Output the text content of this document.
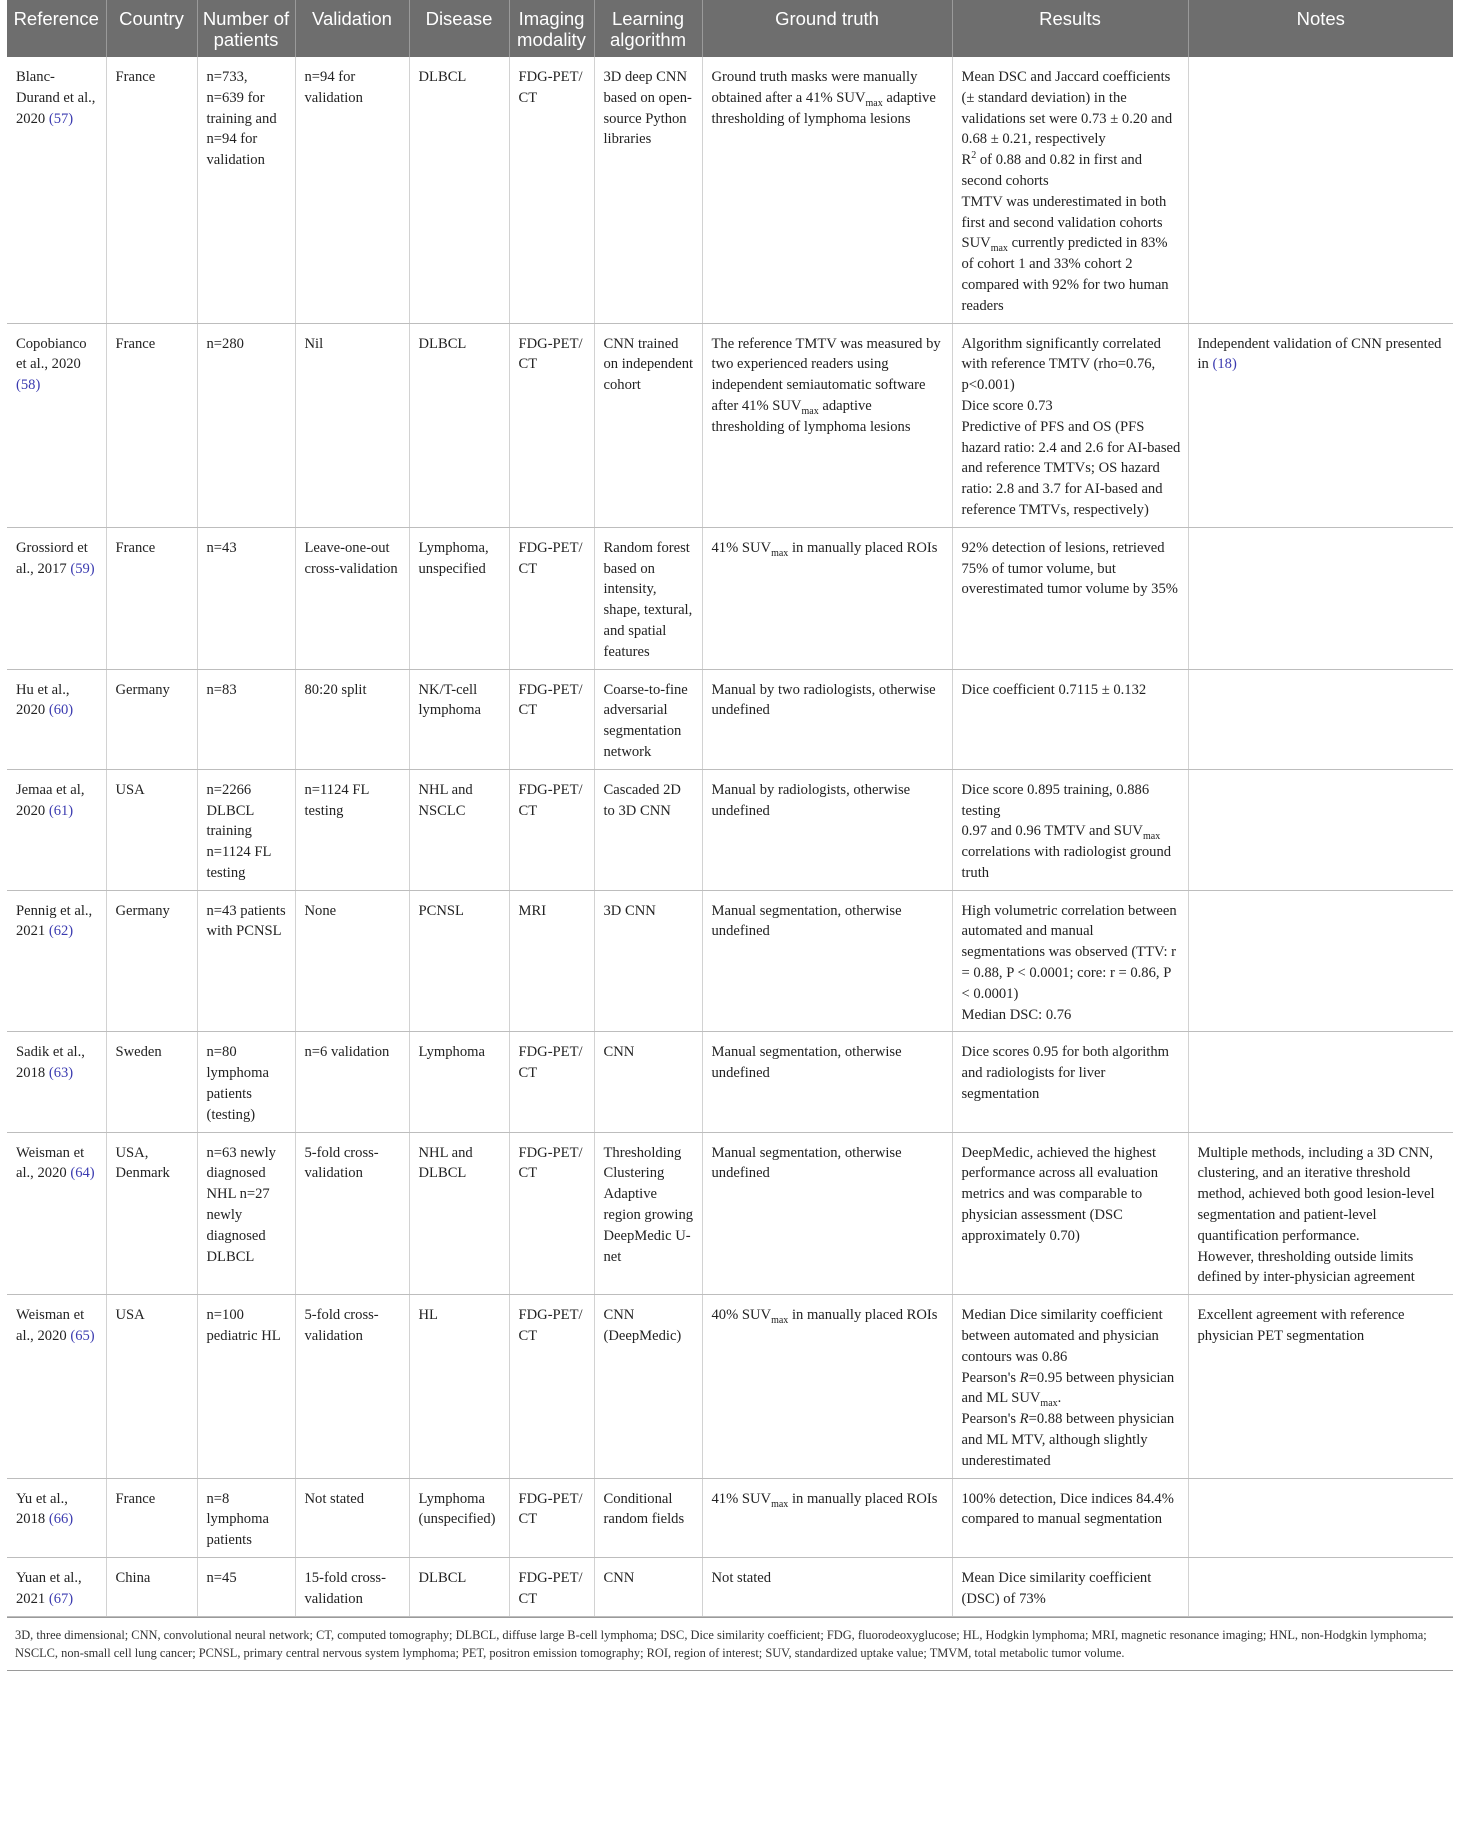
Reference	Country	Number of patients	Validation	Disease	Imaging modality	Learning algorithm	Ground truth	Results	Notes
Blanc-Durand et al., 2020 (57)	France	n=733, n=639 for training and n=94 for validation	n=94 for validation	DLBCL	FDG-PET/ CT	3D deep CNN based on open-source Python libraries	Ground truth masks were manually obtained after a 41% $SUV_{max}$ adaptive thresholding of lymphoma lesions	Mean DSC and Jaccard coefficients (± standard deviation) in the validations set were 0.73 ± 0.20 and 0.68 ± 0.21, respectively
$R^2$ of 0.88 and 0.82 in first and second cohorts
TMTV was underestimated in both first and second validation cohorts
$SUV_{max}$ currently predicted in 83% of cohort 1 and 33% cohort 2 compared with 92% for two human readers	
Copobianco et al., 2020 (58)	France	n=280	Nil	DLBCL	FDG-PET/ CT	CNN trained on independent cohort	The reference TMTV was measured by two experienced readers using independent semiautomatic software after 41% $SUV_{max}$ adaptive thresholding of lymphoma lesions	Algorithm significantly correlated with reference TMTV (rho=0.76, p<0.001)
Dice score 0.73
Predictive of PFS and OS (PFS hazard ratio: 2.4 and 2.6 for AI-based and reference TMTVs; OS hazard ratio: 2.8 and 3.7 for AI-based and reference TMTVs, respectively)	Independent validation of CNN presented in (18)
Grossiord et al., 2017 (59)	France	n=43	Leave-one-out cross-validation	Lymphoma, unspecified	FDG-PET/ CT	Random forest based on intensity, shape, textural, and spatial features	41% $SUV_{max}$ in manually placed ROIs	92% detection of lesions, retrieved 75% of tumor volume, but overestimated tumor volume by 35%	
Hu et al., 2020 (60)	Germany	n=83	80:20 split	NK/T-cell lymphoma	FDG-PET/ CT	Coarse-to-fine adversarial segmentation network	Manual by two radiologists, otherwise undefined	Dice coefficient 0.7115 ± 0.132	
Jemaa et al, 2020 (61)	USA	n=2266 DLBCL training n=1124 FL testing	n=1124 FL testing	NHL and NSCLC	FDG-PET/ CT	Cascaded 2D to 3D CNN	Manual by radiologists, otherwise undefined	Dice score 0.895 training, 0.886 testing
0.97 and 0.96 TMTV and $SUV_{max}$ correlations with radiologist ground truth	
Pennig et al., 2021 (62)	Germany	n=43 patients with PCNSL	None	PCNSL	MRI	3D CNN	Manual segmentation, otherwise undefined	High volumetric correlation between automated and manual segmentations was observed (TTV: r = 0.88, P < 0.0001; core: r = 0.86, P < 0.0001)
Median DSC: 0.76	
Sadik et al., 2018 (63)	Sweden	n=80 lymphoma patients (testing)	n=6 validation	Lymphoma	FDG-PET/ CT	CNN	Manual segmentation, otherwise undefined	Dice scores 0.95 for both algorithm and radiologists for liver segmentation	
Weisman et al., 2020 (64)	USA, Denmark	n=63 newly diagnosed NHL n=27 newly diagnosed DLBCL	5-fold cross-validation	NHL and DLBCL	FDG-PET/ CT	Thresholding Clustering Adaptive region growing DeepMedic U-net	Manual segmentation, otherwise undefined	DeepMedic, achieved the highest performance across all evaluation metrics and was comparable to physician assessment (DSC approximately 0.70)	Multiple methods, including a 3D CNN, clustering, and an iterative threshold method, achieved both good lesion-level segmentation and patient-level quantification performance.
However, thresholding outside limits defined by inter-physician agreement
Weisman et al., 2020 (65)	USA	n=100 pediatric HL	5-fold cross-validation	HL	FDG-PET/ CT	CNN (DeepMedic)	40% $SUV_{max}$ in manually placed ROIs	Median Dice similarity coefficient between automated and physician contours was 0.86
Pearson's R=0.95 between physician and ML $SUV_{max}$.
Pearson's R=0.88 between physician and ML MTV, although slightly underestimated	Excellent agreement with reference physician PET segmentation
Yu et al., 2018 (66)	France	n=8 lymphoma patients	Not stated	Lymphoma (unspecified)	FDG-PET/ CT	Conditional random fields	41% $SUV_{max}$ in manually placed ROIs	100% detection, Dice indices 84.4% compared to manual segmentation	
Yuan et al., 2021 (67)	China	n=45	15-fold cross-validation	DLBCL	FDG-PET/ CT	CNN	Not stated	Mean Dice similarity coefficient (DSC) of 73%	
3D, three dimensional; CNN, convolutional neural network; CT, computed tomography; DLBCL, diffuse large B-cell lymphoma; DSC, Dice similarity coefficient; FDG, fluorodeoxyglucose; HL, Hodgkin lymphoma; MRI, magnetic resonance imaging; HNL, non-Hodgkin lymphoma; NSCLC, non-small cell lung cancer; PCNSL, primary central nervous system lymphoma; PET, positron emission tomography; ROI, region of interest; SUV, standardized uptake value; TMVM, total metabolic tumor volume.
